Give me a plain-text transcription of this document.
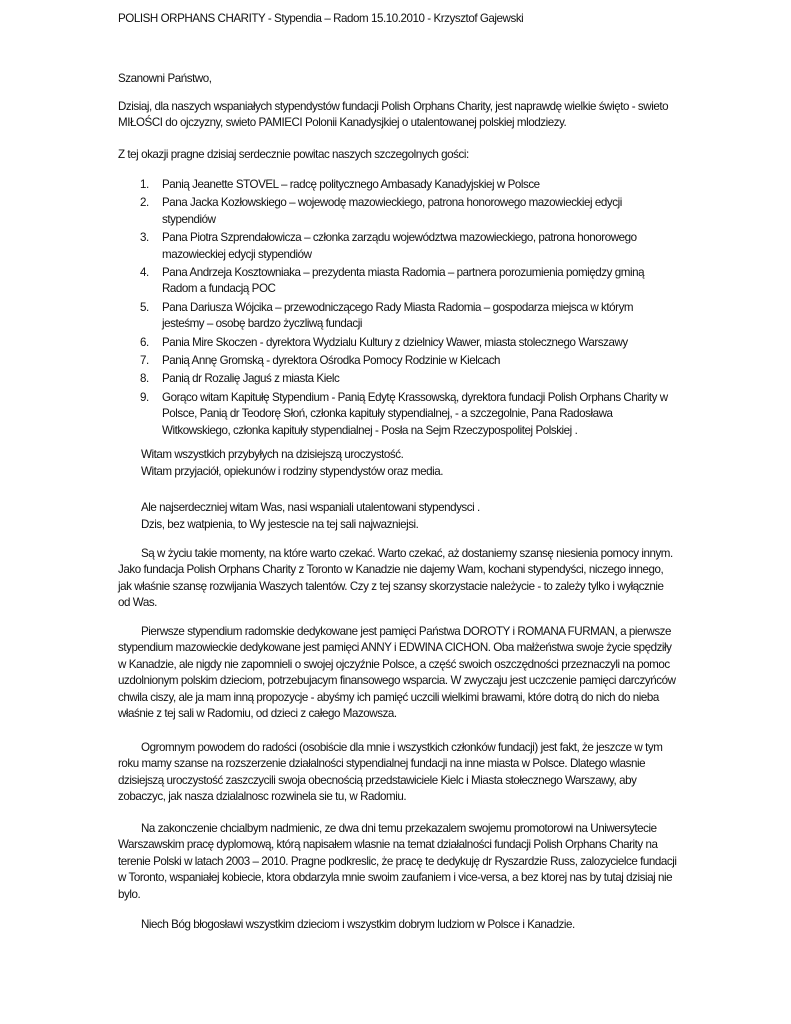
POLISH ORPHANS CHARITY - Stypendia – Radom 15.10.2010 - Krzysztof Gajewski
Szanowni Państwo,

Dzisiaj, dla naszych wspaniałych stypendystów fundacji Polish Orphans Charity, jest naprawdę wielkie święto - swieto MIŁOŚCI do ojczyzny, swieto PAMIECI Polonii Kanadysjkiej o utalentowanej polskiej mlodziezy.

Z tej okazji pragne dzisiaj serdecznie powitac naszych szczegolnych gości:

1. Panią Jeanette STOVEL – radcę politycznego Ambasady Kanadyjskiej w Polsce
2. Pana Jacka Kozłowskiego – wojewodę mazowieckiego, patrona honorowego mazowieckiej edycji stypendiów
3. Pana Piotra Szprendałowicza – członka zarządu województwa mazowieckiego, patrona honorowego mazowieckiej edycji stypendiów
4. Pana Andrzeja Kosztowniaka – prezydenta miasta Radomia – partnera porozumienia pomiędzy gminą Radom a fundacją POC
5. Pana Dariusza Wójcika – przewodniczącego Rady Miasta Radomia – gospodarza miejsca w którym jesteśmy – osobę bardzo życzliwą fundacji
6. Pania Mire Skoczen - dyrektora Wydzialu Kultury z dzielnicy Wawer, miasta stolecznego Warszawy
7. Panią Annę Gromską - dyrektora Ośrodka Pomocy Rodzinie w Kielcach
8. Panią dr Rozalię Jaguś z miasta Kielc
9. Gorąco witam Kapitułę Stypendium - Panią Edytę Krassowską, dyrektora fundacji Polish Orphans Charity w Polsce, Panią dr Teodorę Słoń, członka kapituły stypendialnej, - a szczegolnie, Pana Radosława Witkowskiego, członka kapituły stypendialnej - Posła na Sejm Rzeczypospolitej Polskiej .
Witam wszystkich przybyłych na dzisiejszą uroczystość.
Witam przyjaciół, opiekunów i rodziny stypendystów oraz media.
Ale najserdeczniej witam Was, nasi wspaniali utalentowani stypendysci .
Dzis, bez watpienia, to Wy jestescie na tej sali najwazniejsi.

Są w życiu takie momenty, na które warto czekać. Warto czekać, aż dostaniemy szansę niesienia pomocy innym. Jako fundacja Polish Orphans Charity z Toronto w Kanadzie nie dajemy Wam, kochani stypendyści, niczego innego, jak właśnie szansę rozwijania Waszych talentów. Czy z tej szansy skorzystacie należycie - to zależy tylko i wyłącznie od Was.

Pierwsze stypendium radomskie dedykowane jest pamięci Państwa DOROTY i ROMANA FURMAN, a pierwsze stypendium mazowieckie dedykowane jest pamięci ANNY i EDWINA CICHON. Oba małżeństwa swoje życie spędziły w Kanadzie, ale nigdy nie zapomnieli o swojej ojczyźnie Polsce, a część swoich oszczędności przeznaczyli na pomoc uzdolnionym polskim dzieciom, potrzebujacym finansowego wsparcia. W zwyczaju jest uczczenie pamięci darczyńców chwila ciszy, ale ja mam inną propozycje - abyśmy ich pamięć uczcili wielkimi brawami, które dotrą do nich do nieba właśnie z tej sali w Radomiu, od dzieci z całego Mazowsza.

Ogromnym powodem do radości (osobiście dla mnie i wszystkich członków fundacji) jest fakt, że jeszcze w tym roku mamy szanse na rozszerzenie działalności stypendialnej fundacji na inne miasta w Polsce. Dlatego wlasnie dzisiejszą uroczystość zaszczycili swoja obecnością przedstawiciele Kielc i Miasta stołecznego Warszawy, aby zobaczyc, jak nasza dzialalnosc rozwinela sie tu, w Radomiu.

Na zakonczenie chcialbym nadmienic, ze dwa dni temu przekazalem swojemu promotorowi na Uniwersytecie Warszawskim pracę dyplomową, którą napisałem wlasnie na temat działalności fundacji Polish Orphans Charity na terenie Polski w latach 2003 – 2010. Pragne podkreslic, że pracę te dedykuję dr Ryszardzie Russ, zalozycielce fundacji w Toronto, wspaniałej kobiecie, ktora obdarzyla mnie swoim zaufaniem i vice-versa, a bez ktorej nas by tutaj dzisiaj nie bylo.

Niech Bóg błogosławi wszystkim dzieciom i wszystkim dobrym ludziom w Polsce i Kanadzie.
